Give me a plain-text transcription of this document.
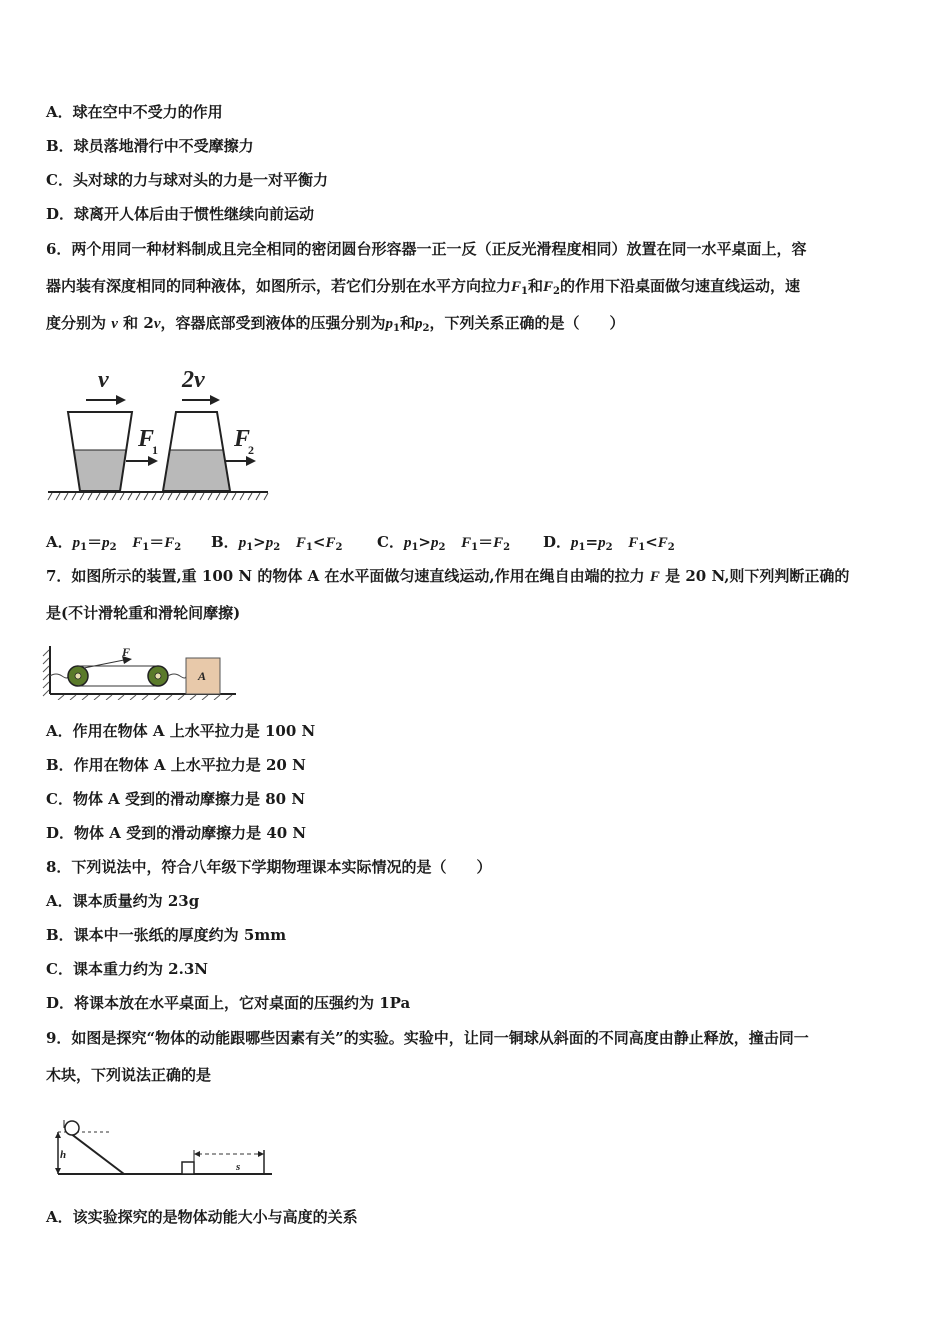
A．球在空中不受力的作用
B．球员落地滑行中不受摩擦力
C．头对球的力与球对头的力是一对平衡力
D．球离开人体后由于惯性继续向前运动
6．两个用同一种材料制成且完全相同的密闭圆台形容器一正一反（正反光滑程度相同）放置在同一水平桌面上，容
器内装有深度相同的同种液体，如图所示，若它们分别在水平方向拉力$F_1$和$F_2$的作用下沿桌面做匀速直线运动，速
度分别为 v 和 2v，容器底部受到液体的压强分别为$p_1$和$p_2$，下列关系正确的是（　　）
v	2v
F
1	F
2
A．$p_1=p_2$ $F_1=F_2$ B．$p_1>p_2$ $F_1<F_2$ C．$p_1>p_2$ $F_1=F_2$ D．$p_1=p_2$ $F_1<F_2$
7．如图所示的装置,重 100 N 的物体 A 在水平面做匀速直线运动,作用在绳自由端的拉力 F 是 20 N,则下列判断正确的
是(不计滑轮重和滑轮间摩擦)
F
A
A．作用在物体 A 上水平拉力是 100 N
B．作用在物体 A 上水平拉力是 20 N
C．物体 A 受到的滑动摩擦力是 80 N
D．物体 A 受到的滑动摩擦力是 40 N
8．下列说法中，符合八年级下学期物理课本实际情况的是（　　）
A．课本质量约为 23g
B．课本中一张纸的厚度约为 5mm
C．课本重力约为 2.3N
D．将课本放在水平桌面上，它对桌面的压强约为 1Pa
9．如图是探究“物体的动能跟哪些因素有关”的实验。实验中，让同一铜球从斜面的不同高度由静止释放，撞击同一
木块，下列说法正确的是
h
s
A．该实验探究的是物体动能大小与高度的关系
